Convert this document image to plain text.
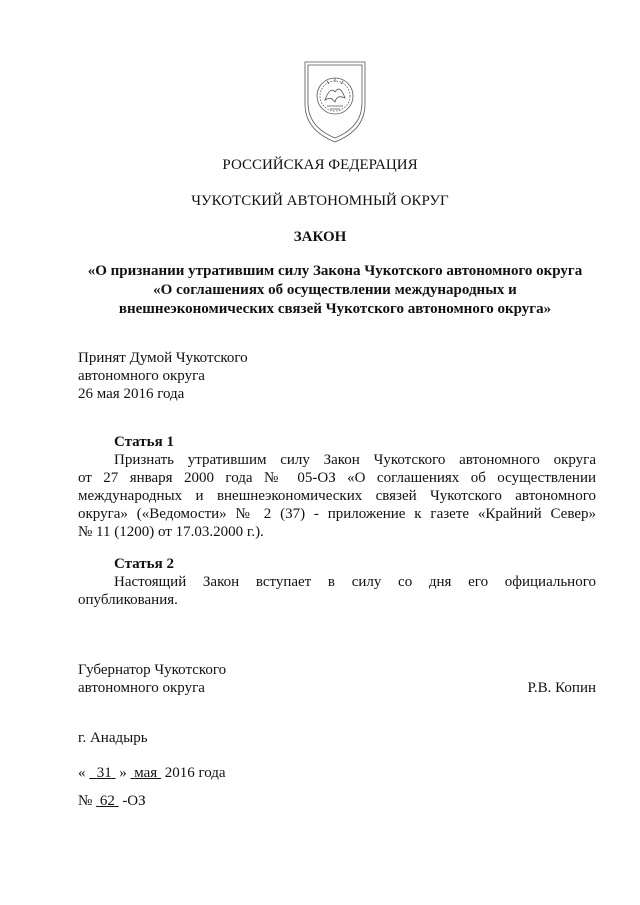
РОССИЙСКАЯ ФЕДЕРАЦИЯ
ЧУКОТСКИЙ АВТОНОМНЫЙ ОКРУГ
ЗАКОН
«О признании утратившим силу Закона Чукотского автономного округа
«О соглашениях об осуществлении международных и
внешнеэкономических связей Чукотского автономного округа»
Принят Думой Чукотского
автономного округа
26 мая 2016 года
Статья 1
Признать утратившим силу Закон Чукотского автономного округа
от 27 января 2000 года № 05-ОЗ «О соглашениях об осуществлении
международных и внешнеэкономических связей Чукотского автономного
округа» («Ведомости» № 2 (37) - приложение к газете «Крайний Север»
№ 11 (1200) от 17.03.2000 г.).
Статья 2
Настоящий Закон вступает в силу со дня его официального
опубликования.
Губернатор Чукотского
автономного округа	Р.В. Копин
г. Анадырь
« 31 » мая 2016 года
№ 62 -ОЗ
